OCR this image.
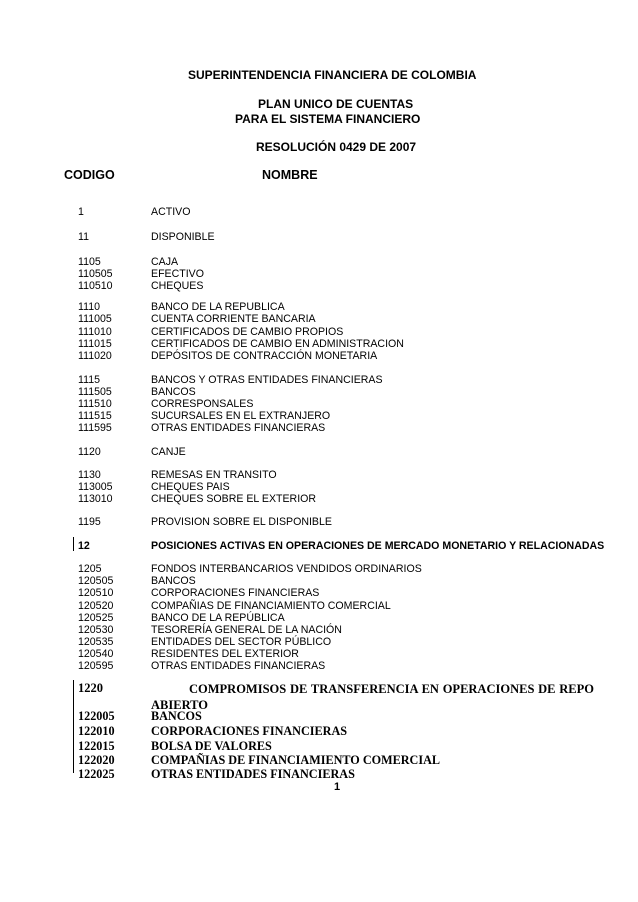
SUPERINTENDENCIA FINANCIERA DE COLOMBIA
PLAN UNICO DE CUENTAS
PARA EL SISTEMA FINANCIERO
RESOLUCIÓN 0429 DE 2007
CODIGO	NOMBRE
1	ACTIVO
11	DISPONIBLE
1105	CAJA
110505	EFECTIVO
110510	CHEQUES
1110	BANCO DE LA REPUBLICA
111005	CUENTA CORRIENTE BANCARIA
111010	CERTIFICADOS DE CAMBIO PROPIOS
111015	CERTIFICADOS DE CAMBIO EN ADMINISTRACION
111020	DEPÓSITOS DE CONTRACCIÓN MONETARIA
1115	BANCOS Y OTRAS ENTIDADES FINANCIERAS
111505	BANCOS
111510	CORRESPONSALES
111515	SUCURSALES EN EL EXTRANJERO
111595	OTRAS ENTIDADES FINANCIERAS
1120	CANJE
1130	REMESAS EN TRANSITO
113005	CHEQUES PAIS
113010	CHEQUES SOBRE EL EXTERIOR
1195	PROVISION SOBRE EL DISPONIBLE
12	POSICIONES ACTIVAS EN OPERACIONES DE MERCADO MONETARIO Y RELACIONADAS
1205	FONDOS INTERBANCARIOS VENDIDOS ORDINARIOS
120505	BANCOS
120510	CORPORACIONES FINANCIERAS
120520	COMPAÑIAS DE FINANCIAMIENTO COMERCIAL
120525	BANCO DE LA REPÚBLICA
120530	TESORERÍA GENERAL DE LA NACIÓN
120535	ENTIDADES DEL SECTOR PÚBLICO
120540	RESIDENTES DEL EXTERIOR
120595	OTRAS ENTIDADES FINANCIERAS
1220	COMPROMISOS DE TRANSFERENCIA EN OPERACIONES DE REPO ABIERTO
122005	BANCOS
122010	CORPORACIONES FINANCIERAS
122015	BOLSA DE VALORES
122020	COMPAÑIAS DE FINANCIAMIENTO COMERCIAL
122025	OTRAS ENTIDADES FINANCIERAS
1
